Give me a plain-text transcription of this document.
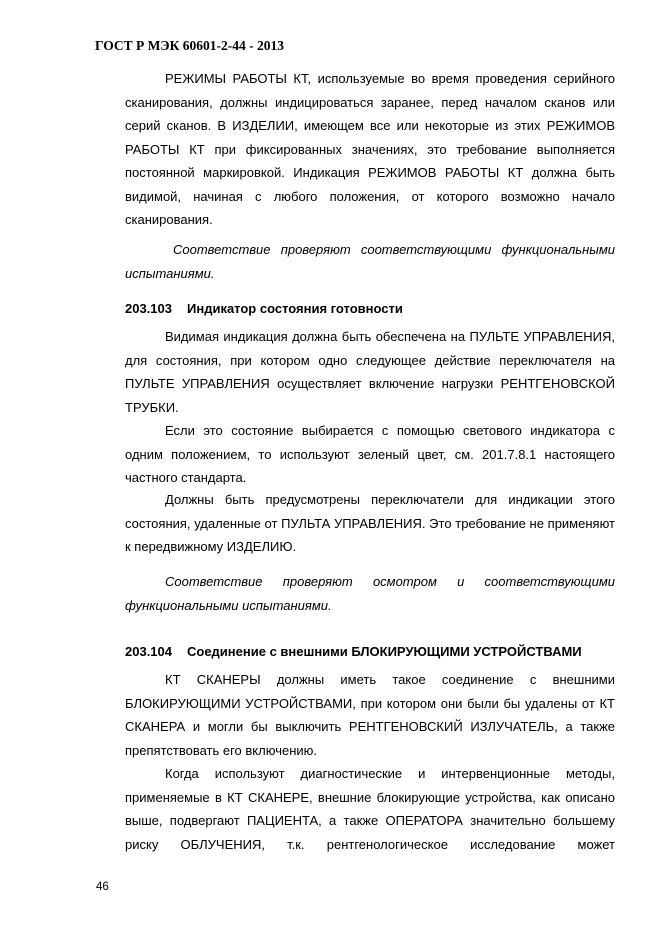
ГОСТ Р МЭК 60601-2-44 - 2013
РЕЖИМЫ РАБОТЫ КТ, используемые во время проведения серийного сканирования, должны индицироваться заранее, перед началом сканов или серий сканов. В ИЗДЕЛИИ, имеющем все или некоторые из этих РЕЖИМОВ РАБОТЫ КТ при фиксированных значениях, это требование выполняется постоянной маркировкой. Индикация РЕЖИМОВ РАБОТЫ КТ должна быть видимой, начиная с любого положения, от которого возможно начало сканирования.
Соответствие проверяют соответствующими функциональными испытаниями.
203.103 Индикатор состояния готовности
Видимая индикация должна быть обеспечена на ПУЛЬТЕ УПРАВЛЕНИЯ, для состояния, при котором одно следующее действие переключателя на ПУЛЬТЕ УПРАВЛЕНИЯ осуществляет включение нагрузки РЕНТГЕНОВСКОЙ ТРУБКИ.
Если это состояние выбирается с помощью светового индикатора с одним положением, то используют зеленый цвет, см. 201.7.8.1 настоящего частного стандарта.
Должны быть предусмотрены переключатели для индикации этого состояния, удаленные от ПУЛЬТА УПРАВЛЕНИЯ. Это требование не применяют к передвижному ИЗДЕЛИЮ.
Соответствие проверяют осмотром и соответствующими функциональными испытаниями.
203.104 Соединение с внешними БЛОКИРУЮЩИМИ УСТРОЙСТВАМИ
КТ СКАНЕРЫ должны иметь такое соединение с внешними БЛОКИРУЮЩИМИ УСТРОЙСТВАМИ, при котором они были бы удалены от КТ СКАНЕРА и могли бы выключить РЕНТГЕНОВСКИЙ ИЗЛУЧАТЕЛЬ, а также препятствовать его включению.
Когда используют диагностические и интервенционные методы, применяемые в КТ СКАНЕРЕ, внешние блокирующие устройства, как описано выше, подвергают ПАЦИЕНТА, а также ОПЕРАТОРА значительно большему риску ОБЛУЧЕНИЯ, т.к. рентгенологическое исследование может
46
